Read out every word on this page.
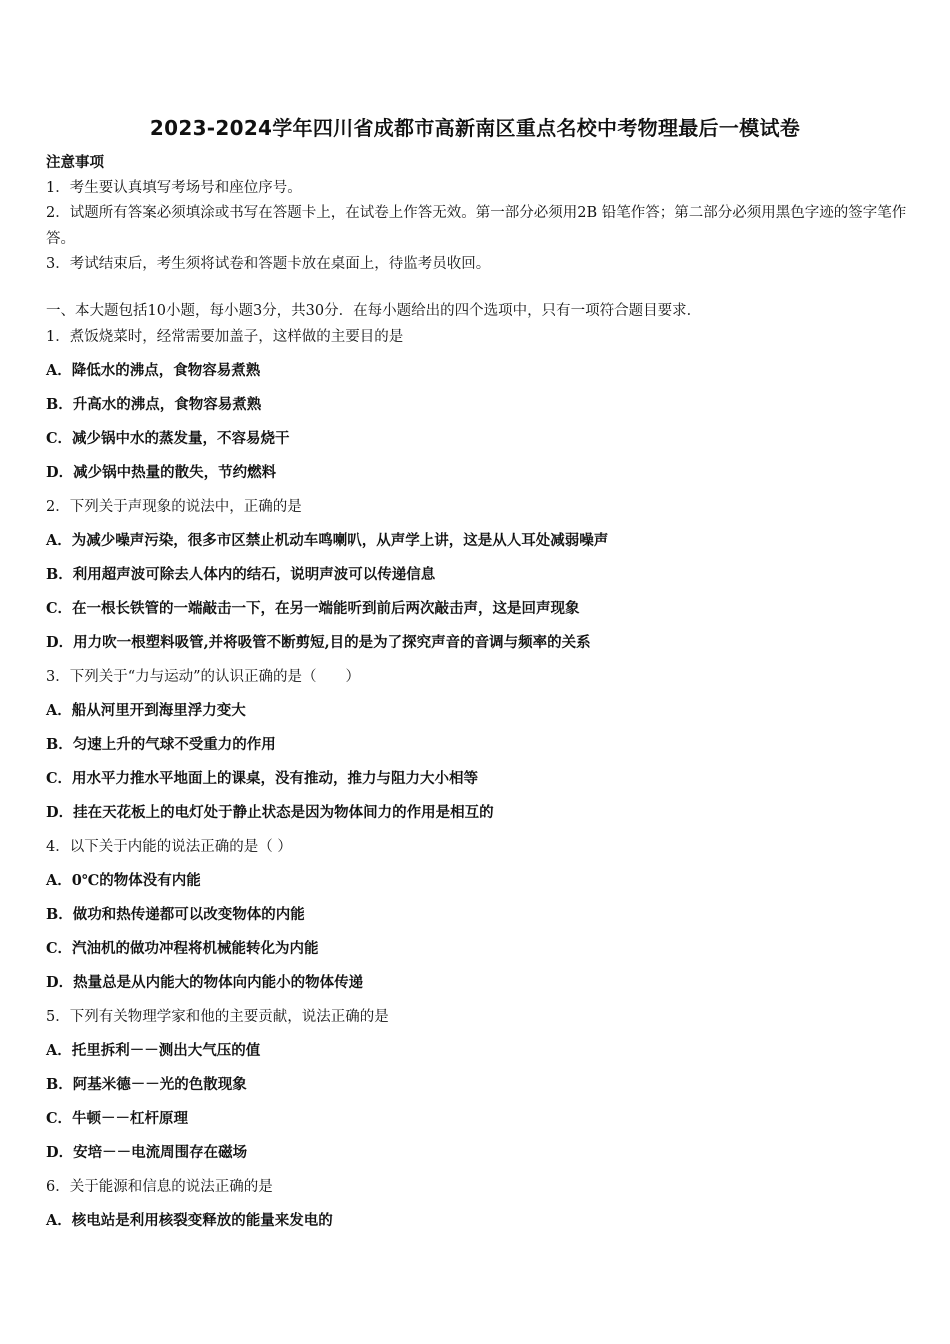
2023-2024学年四川省成都市高新南区重点名校中考物理最后一模试卷

注意事项

1．考生要认真填写考场号和座位序号。

2．试题所有答案必须填涂或书写在答题卡上，在试卷上作答无效。第一部分必须用2B 铅笔作答；第二部分必须用黑色字迹的签字笔作答。

3．考试结束后，考生须将试卷和答题卡放在桌面上，待监考员收回。

一、本大题包括10小题，每小题3分，共30分．在每小题给出的四个选项中，只有一项符合题目要求．
1．煮饭烧菜时，经常需要加盖子，这样做的主要目的是
A．降低水的沸点，食物容易煮熟
B．升高水的沸点，食物容易煮熟
C．减少锅中水的蒸发量，不容易烧干
D．减少锅中热量的散失，节约燃料
2．下列关于声现象的说法中，正确的是
A．为减少噪声污染，很多市区禁止机动车鸣喇叭，从声学上讲，这是从人耳处减弱噪声
B．利用超声波可除去人体内的结石，说明声波可以传递信息
C．在一根长铁管的一端敲击一下，在另一端能听到前后两次敲击声，这是回声现象
D．用力吹一根塑料吸管,并将吸管不断剪短,目的是为了探究声音的音调与频率的关系
3．下列关于“力与运动”的认识正确的是（　　）
A．船从河里开到海里浮力变大
B．匀速上升的气球不受重力的作用
C．用水平力推水平地面上的课桌，没有推动，推力与阻力大小相等
D．挂在天花板上的电灯处于静止状态是因为物体间力的作用是相互的
4．以下关于内能的说法正确的是（ ）
A．0℃的物体没有内能
B．做功和热传递都可以改变物体的内能
C．汽油机的做功冲程将机械能转化为内能
D．热量总是从内能大的物体向内能小的物体传递
5．下列有关物理学家和他的主要贡献，说法正确的是
A．托里拆利－－测出大气压的值
B．阿基米德－－光的色散现象
C．牛顿－－杠杆原理
D．安培－－电流周围存在磁场
6．关于能源和信息的说法正确的是
A．核电站是利用核裂变释放的能量来发电的
